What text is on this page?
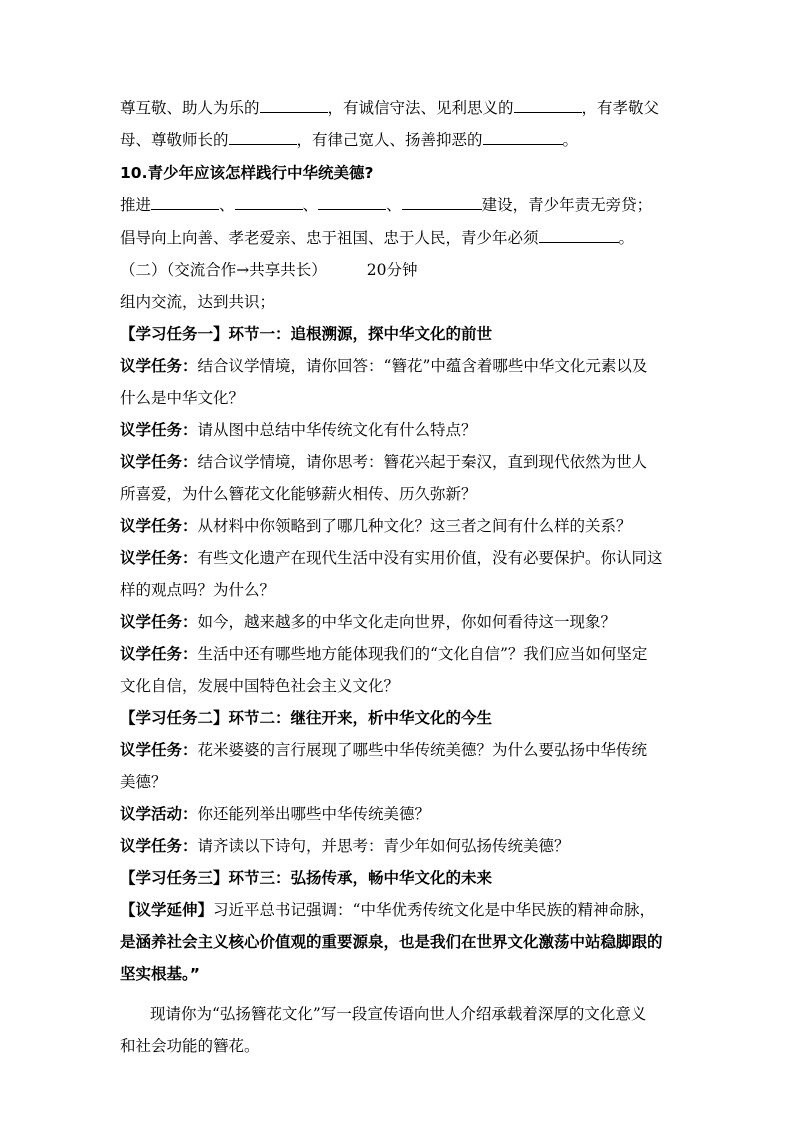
尊互敬、助人为乐的	，有诚信守法、见利思义的	，有孝敬父
母、尊敬师长的	，有律己宽人、扬善抑恶的	。
10.青少年应该怎样践行中华统美德?
推进	、	、	、	建设，青少年责无旁贷；
倡导向上向善、孝老爱亲、忠于祖国、忠于人民，青少年必须	。
（二）（交流合作→共享共长）	20分钟
组内交流，达到共识；
【学习任务一】环节一：追根溯源，探中华文化的前世
议学任务：结合议学情境，请你回答：“簪花”中蕴含着哪些中华文化元素以及
什么是中华文化？
议学任务：请从图中总结中华传统文化有什么特点？
议学任务：结合议学情境，请你思考：簪花兴起于秦汉，直到现代依然为世人
所喜爱，为什么簪花文化能够薪火相传、历久弥新？
议学任务：从材料中你领略到了哪几种文化？这三者之间有什么样的关系？
议学任务：有些文化遗产在现代生活中没有实用价值，没有必要保护。你认同这
样的观点吗？为什么？
议学任务：如今，越来越多的中华文化走向世界，你如何看待这一现象？
议学任务：生活中还有哪些地方能体现我们的“文化自信”？我们应当如何坚定
文化自信，发展中国特色社会主义文化？
【学习任务二】环节二：继往开来，析中华文化的今生
议学任务：花米婆婆的言行展现了哪些中华传统美德？为什么要弘扬中华传统
美德？
议学活动：你还能列举出哪些中华传统美德？
议学任务：请齐读以下诗句，并思考：青少年如何弘扬传统美德？
【学习任务三】环节三：弘扬传承，畅中华文化的未来
【议学延伸】习近平总书记强调：“中华优秀传统文化是中华民族的精神命脉，
是涵养社会主义核心价值观的重要源泉，也是我们在世界文化激荡中站稳脚跟的
坚实根基。”
现请你为“弘扬簪花文化”写一段宣传语向世人介绍承载着深厚的文化意义
和社会功能的簪花。
